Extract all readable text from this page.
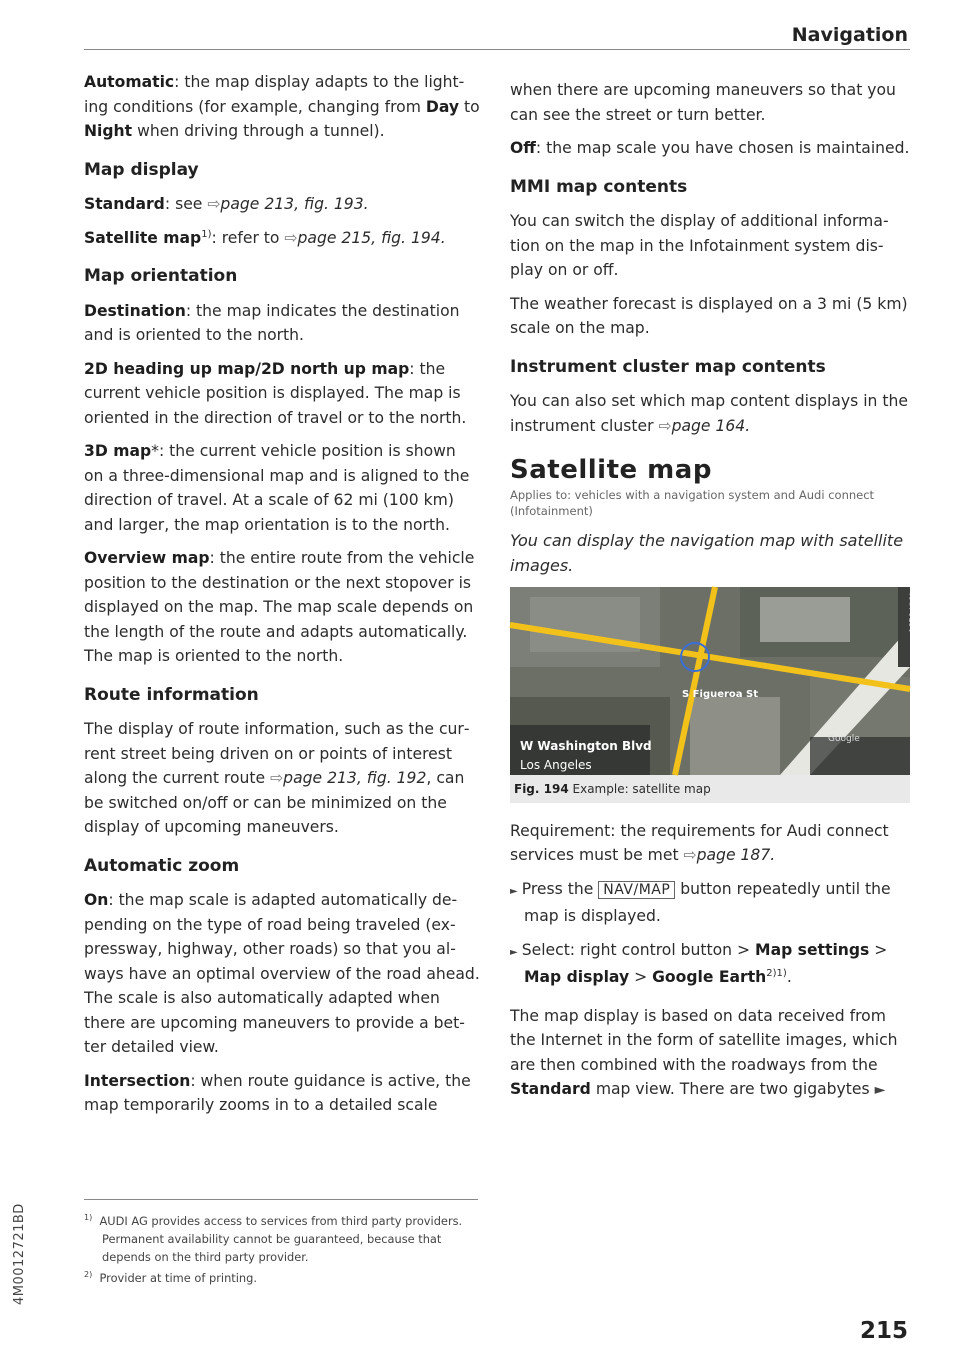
Navigation

Automatic: the map display adapts to the lighting conditions (for example, changing from Day to Night when driving through a tunnel).

Map display

Standard: see ⇨page 213, fig. 193.

Satellite map$^{1)}$: refer to ⇨page 215, fig. 194.

Map orientation

Destination: the map indicates the destination and is oriented to the north.

2D heading up map/2D north up map: the current vehicle position is displayed. The map is oriented in the direction of travel or to the north.

3D map*: the current vehicle position is shown on a three-dimensional map and is aligned to the direction of travel. At a scale of 62 mi (100 km) and larger, the map orientation is to the north.

Overview map: the entire route from the vehicle position to the destination or the next stopover is displayed on the map. The map scale depends on the length of the route and adapts automatically. The map is oriented to the north.

Route information

The display of route information, such as the current street being driven on or points of interest along the current route ⇨page 213, fig. 192, can be switched on/off or can be minimized on the display of upcoming maneuvers.

Automatic zoom

On: the map scale is adapted automatically depending on the type of road being traveled (expressway, highway, other roads) so that you always have an optimal overview of the road ahead. The scale is also automatically adapted when there are upcoming maneuvers to provide a better detailed view.

Intersection: when route guidance is active, the map temporarily zooms in to a detailed scale

when there are upcoming maneuvers so that you can see the street or turn better.

Off: the map scale you have chosen is maintained.

MMI map contents

You can switch the display of additional information on the map in the Infotainment system display on or off.

The weather forecast is displayed on a 3 mi (5 km) scale on the map.

Instrument cluster map contents

You can also set which map content displays in the instrument cluster ⇨page 164.

Satellite map

Applies to: vehicles with a navigation system and Audi connect (Infotainment)

You can display the navigation map with satellite images.

S Figueroa St
W Washington Blvd
Los Angeles
Google
RAH-9256
Fig. 194 Example: satellite map

Requirement: the requirements for Audi connect services must be met ⇨page 187.

► Press the NAV/MAP button repeatedly until the map is displayed.

► Select: right control button > Map settings > Map display > Google Earth$^{2)1)}$.

The map display is based on data received from the Internet in the form of satellite images, which are then combined with the roadways from the Standard map view. There are two gigabytes ►

$^{1)}$ AUDI AG provides access to services from third party providers. Permanent availability cannot be guaranteed, because that depends on the third party provider.
$^{2)}$ Provider at time of printing.
4M0012721BD
215
